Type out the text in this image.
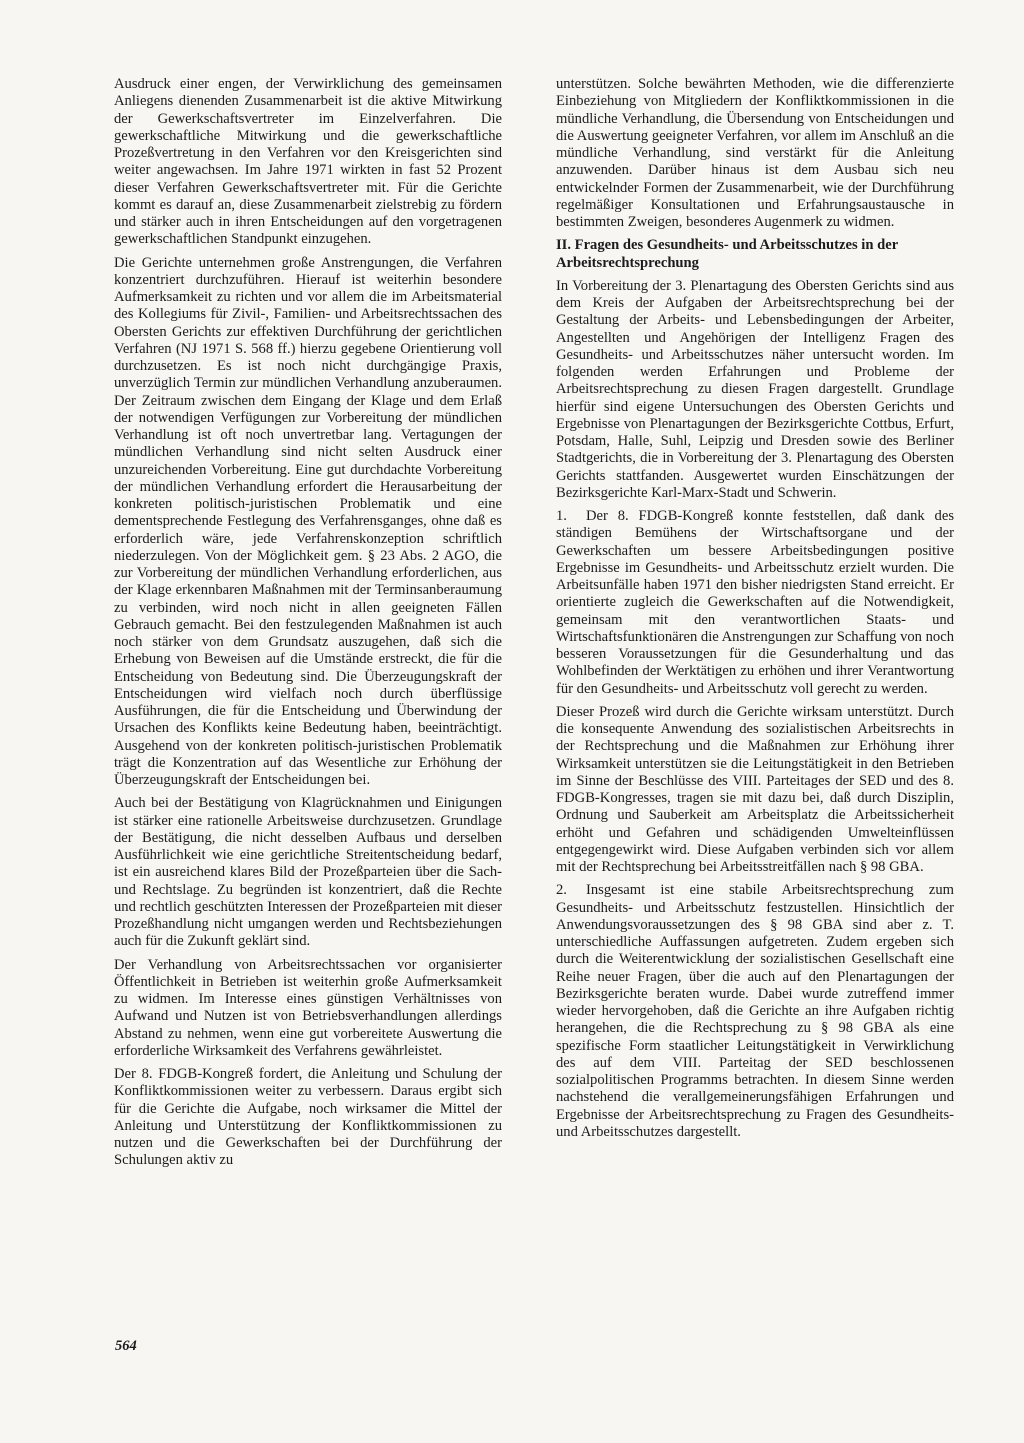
Ausdruck einer engen, der Verwirklichung des gemeinsamen Anliegens dienenden Zusammenarbeit ist die aktive Mitwirkung der Gewerkschaftsvertreter im Einzelverfahren. Die gewerkschaftliche Mitwirkung und die gewerkschaftliche Prozeßvertretung in den Verfahren vor den Kreisgerichten sind weiter angewachsen. Im Jahre 1971 wirkten in fast 52 Prozent dieser Verfahren Gewerkschaftsvertreter mit. Für die Gerichte kommt es darauf an, diese Zusammenarbeit zielstrebig zu fördern und stärker auch in ihren Entscheidungen auf den vorgetragenen gewerkschaftlichen Standpunkt einzugehen.

Die Gerichte unternehmen große Anstrengungen, die Verfahren konzentriert durchzuführen. Hierauf ist weiterhin besondere Aufmerksamkeit zu richten und vor allem die im Arbeitsmaterial des Kollegiums für Zivil-, Familien- und Arbeitsrechtssachen des Obersten Gerichts zur effektiven Durchführung der gerichtlichen Verfahren (NJ 1971 S. 568 ff.) hierzu gegebene Orientierung voll durchzusetzen. Es ist noch nicht durchgängige Praxis, unverzüglich Termin zur mündlichen Verhandlung anzuberaumen. Der Zeitraum zwischen dem Eingang der Klage und dem Erlaß der notwendigen Verfügungen zur Vorbereitung der mündlichen Verhandlung ist oft noch unvertretbar lang. Vertagungen der mündlichen Verhandlung sind nicht selten Ausdruck einer unzureichenden Vorbereitung. Eine gut durchdachte Vorbereitung der mündlichen Verhandlung erfordert die Herausarbeitung der konkreten politisch-juristischen Problematik und eine dementsprechende Festlegung des Verfahrensganges, ohne daß es erforderlich wäre, jede Verfahrenskonzeption schriftlich niederzulegen. Von der Möglichkeit gem. § 23 Abs. 2 AGO, die zur Vorbereitung der mündlichen Verhandlung erforderlichen, aus der Klage erkennbaren Maßnahmen mit der Terminsanberaumung zu verbinden, wird noch nicht in allen geeigneten Fällen Gebrauch gemacht. Bei den festzulegenden Maßnahmen ist auch noch stärker von dem Grundsatz auszugehen, daß sich die Erhebung von Beweisen auf die Umstände erstreckt, die für die Entscheidung von Bedeutung sind. Die Überzeugungskraft der Entscheidungen wird vielfach noch durch überflüssige Ausführungen, die für die Entscheidung und Überwindung der Ursachen des Konflikts keine Bedeutung haben, beeinträchtigt. Ausgehend von der konkreten politisch-juristischen Problematik trägt die Konzentration auf das Wesentliche zur Erhöhung der Überzeugungskraft der Entscheidungen bei.

Auch bei der Bestätigung von Klagrücknahmen und Einigungen ist stärker eine rationelle Arbeitsweise durchzusetzen. Grundlage der Bestätigung, die nicht desselben Aufbaus und derselben Ausführlichkeit wie eine gerichtliche Streitentscheidung bedarf, ist ein ausreichend klares Bild der Prozeßparteien über die Sach- und Rechtslage. Zu begründen ist konzentriert, daß die Rechte und rechtlich geschützten Interessen der Prozeßparteien mit dieser Prozeßhandlung nicht umgangen werden und Rechtsbeziehungen auch für die Zukunft geklärt sind.

Der Verhandlung von Arbeitsrechtssachen vor organisierter Öffentlichkeit in Betrieben ist weiterhin große Aufmerksamkeit zu widmen. Im Interesse eines günstigen Verhältnisses von Aufwand und Nutzen ist von Betriebsverhandlungen allerdings Abstand zu nehmen, wenn eine gut vorbereitete Auswertung die erforderliche Wirksamkeit des Verfahrens gewährleistet.

Der 8. FDGB-Kongreß fordert, die Anleitung und Schulung der Konfliktkommissionen weiter zu verbessern. Daraus ergibt sich für die Gerichte die Aufgabe, noch wirksamer die Mittel der Anleitung und Unterstützung der Konfliktkommissionen zu nutzen und die Gewerkschaften bei der Durchführung der Schulungen aktiv zu

unterstützen. Solche bewährten Methoden, wie die differenzierte Einbeziehung von Mitgliedern der Konfliktkommissionen in die mündliche Verhandlung, die Übersendung von Entscheidungen und die Auswertung geeigneter Verfahren, vor allem im Anschluß an die mündliche Verhandlung, sind verstärkt für die Anleitung anzuwenden. Darüber hinaus ist dem Ausbau sich neu entwickelnder Formen der Zusammenarbeit, wie der Durchführung regelmäßiger Konsultationen und Erfahrungsaustausche in bestimmten Zweigen, besonderes Augenmerk zu widmen.

II. Fragen des Gesundheits- und Arbeitsschutzes in der Arbeitsrechtsprechung

In Vorbereitung der 3. Plenartagung des Obersten Gerichts sind aus dem Kreis der Aufgaben der Arbeitsrechtsprechung bei der Gestaltung der Arbeits- und Lebensbedingungen der Arbeiter, Angestellten und Angehörigen der Intelligenz Fragen des Gesundheits- und Arbeitsschutzes näher untersucht worden. Im folgenden werden Erfahrungen und Probleme der Arbeitsrechtsprechung zu diesen Fragen dargestellt. Grundlage hierfür sind eigene Untersuchungen des Obersten Gerichts und Ergebnisse von Plenartagungen der Bezirksgerichte Cottbus, Erfurt, Potsdam, Halle, Suhl, Leipzig und Dresden sowie des Berliner Stadtgerichts, die in Vorbereitung der 3. Plenartagung des Obersten Gerichts stattfanden. Ausgewertet wurden Einschätzungen der Bezirksgerichte Karl-Marx-Stadt und Schwerin.

1. Der 8. FDGB-Kongreß konnte feststellen, daß dank des ständigen Bemühens der Wirtschaftsorgane und der Gewerkschaften um bessere Arbeitsbedingungen positive Ergebnisse im Gesundheits- und Arbeitsschutz erzielt wurden. Die Arbeitsunfälle haben 1971 den bisher niedrigsten Stand erreicht. Er orientierte zugleich die Gewerkschaften auf die Notwendigkeit, gemeinsam mit den verantwortlichen Staats- und Wirtschaftsfunktionären die Anstrengungen zur Schaffung von noch besseren Voraussetzungen für die Gesunderhaltung und das Wohlbefinden der Werktätigen zu erhöhen und ihrer Verantwortung für den Gesundheits- und Arbeitsschutz voll gerecht zu werden.

Dieser Prozeß wird durch die Gerichte wirksam unterstützt. Durch die konsequente Anwendung des sozialistischen Arbeitsrechts in der Rechtsprechung und die Maßnahmen zur Erhöhung ihrer Wirksamkeit unterstützen sie die Leitungstätigkeit in den Betrieben im Sinne der Beschlüsse des VIII. Parteitages der SED und des 8. FDGB-Kongresses, tragen sie mit dazu bei, daß durch Disziplin, Ordnung und Sauberkeit am Arbeitsplatz die Arbeitssicherheit erhöht und Gefahren und schädigenden Umwelteinflüssen entgegengewirkt wird. Diese Aufgaben verbinden sich vor allem mit der Rechtsprechung bei Arbeitsstreitfällen nach § 98 GBA.

2. Insgesamt ist eine stabile Arbeitsrechtsprechung zum Gesundheits- und Arbeitsschutz festzustellen. Hinsichtlich der Anwendungsvoraussetzungen des § 98 GBA sind aber z. T. unterschiedliche Auffassungen aufgetreten. Zudem ergeben sich durch die Weiterentwicklung der sozialistischen Gesellschaft eine Reihe neuer Fragen, über die auch auf den Plenartagungen der Bezirksgerichte beraten wurde. Dabei wurde zutreffend immer wieder hervorgehoben, daß die Gerichte an ihre Aufgaben richtig herangehen, die die Rechtsprechung zu § 98 GBA als eine spezifische Form staatlicher Leitungstätigkeit in Verwirklichung des auf dem VIII. Parteitag der SED beschlossenen sozialpolitischen Programms betrachten. In diesem Sinne werden nachstehend die verallgemeinerungsfähigen Erfahrungen und Ergebnisse der Arbeitsrechtsprechung zu Fragen des Gesundheits- und Arbeitsschutzes dargestellt.

564
